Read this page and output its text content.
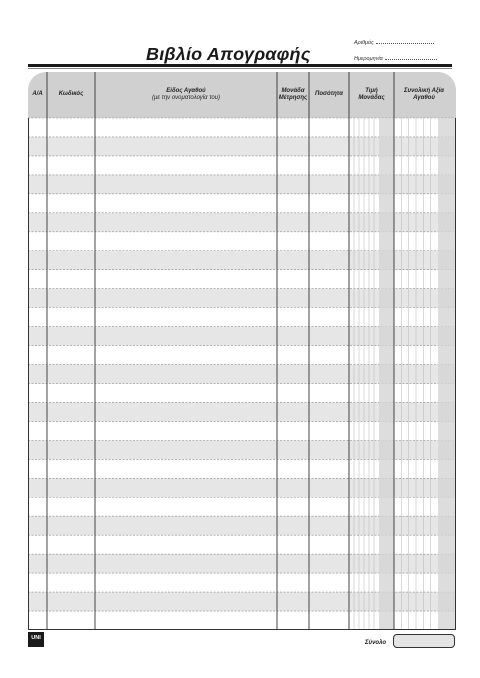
Βιβλίο Απογραφής
Αριθμός
Ημερομηνία
Α/Α	Κωδικός
Είδος Αγαθού
(με την ονοματολογία του)
Μονάδα
Μέτρησης
Ποσότητα
Τιμή
Μονάδας
Συνολική Αξία
Αγαθού
UNI
Σύνολο
